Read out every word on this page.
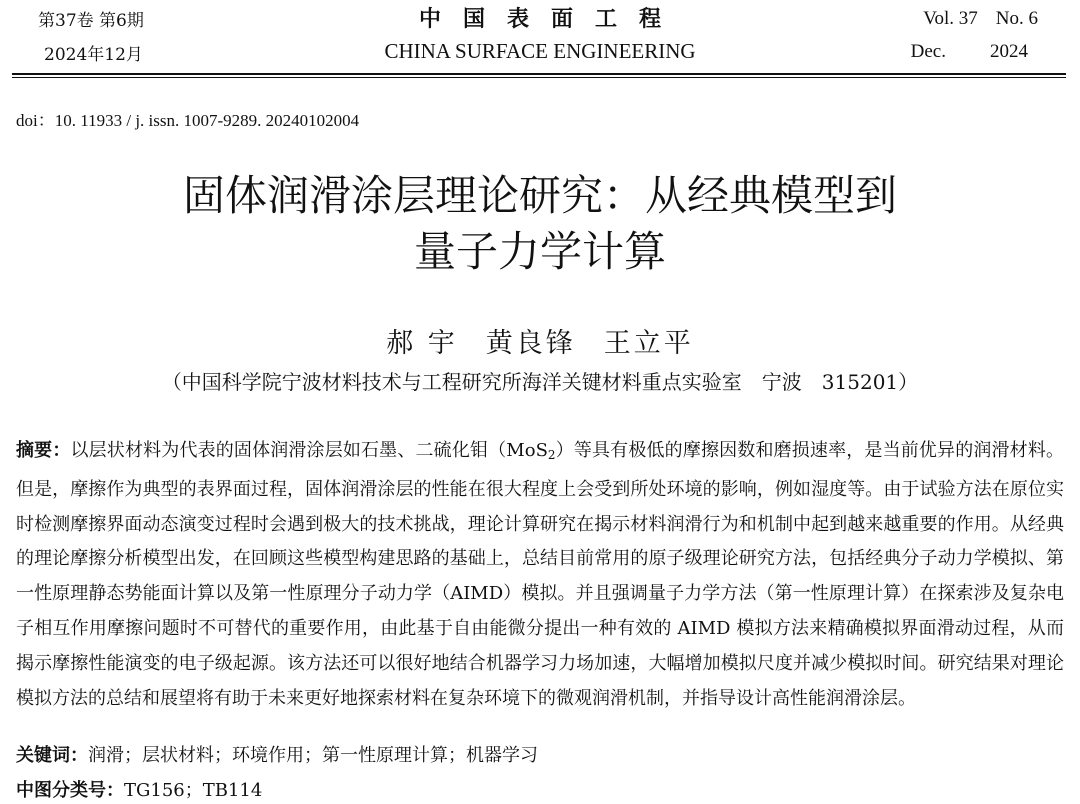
第37卷 第6期
2024年12月
中国表面工程
CHINA SURFACE ENGINEERING
Vol. 37 No. 6
Dec. 2024
doi：10. 11933 / j. issn. 1007-9289. 20240102004
固体润滑涂层理论研究：从经典模型到
量子力学计算
郝 宇 黄良锋 王立平
（中国科学院宁波材料技术与工程研究所海洋关键材料重点实验室　宁波　315201）

摘要：以层状材料为代表的固体润滑涂层如石墨、二硫化钼（MoS$_2$）等具有极低的摩擦因数和磨损速率，是当前优异的润滑材料。但是，摩擦作为典型的表界面过程，固体润滑涂层的性能在很大程度上会受到所处环境的影响，例如湿度等。由于试验方法在原位实时检测摩擦界面动态演变过程时会遇到极大的技术挑战，理论计算研究在揭示材料润滑行为和机制中起到越来越重要的作用。从经典的理论摩擦分析模型出发，在回顾这些模型构建思路的基础上，总结目前常用的原子级理论研究方法，包括经典分子动力学模拟、第一性原理静态势能面计算以及第一性原理分子动力学（AIMD）模拟。并且强调量子力学方法（第一性原理计算）在探索涉及复杂电子相互作用摩擦问题时不可替代的重要作用，由此基于自由能微分提出一种有效的 AIMD 模拟方法来精确模拟界面滑动过程，从而揭示摩擦性能演变的电子级起源。该方法还可以很好地结合机器学习力场加速，大幅增加模拟尺度并减少模拟时间。研究结果对理论模拟方法的总结和展望将有助于未来更好地探索材料在复杂环境下的微观润滑机制，并指导设计高性能润滑涂层。

关键词：润滑；层状材料；环境作用；第一性原理计算；机器学习
中图分类号：TG156；TB114
